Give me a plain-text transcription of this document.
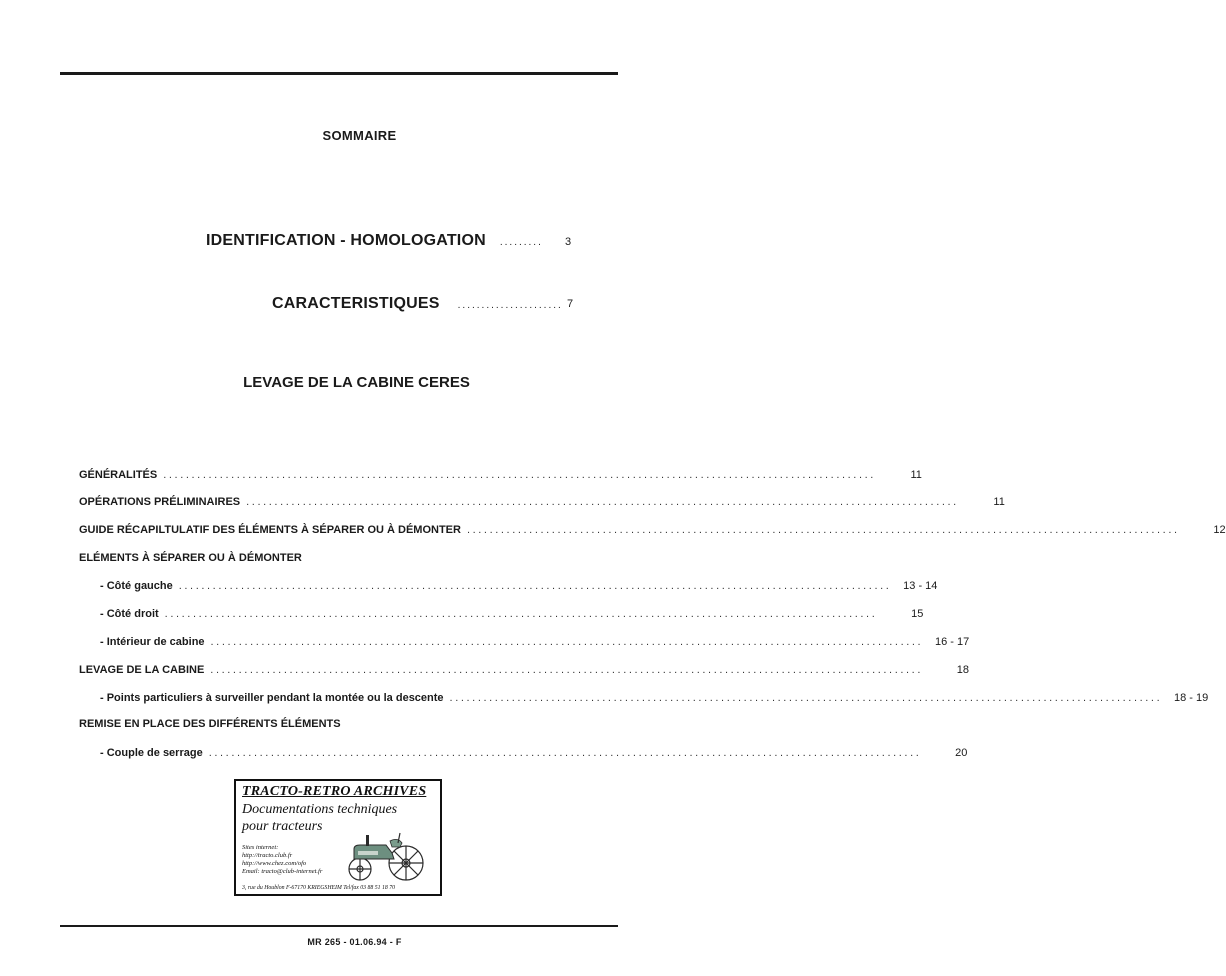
SOMMAIRE
IDENTIFICATION - HOMOLOGATION ......... 3
CARACTERISTIQUES ...................... 7
LEVAGE DE LA CABINE CERES
GÉNÉRALITÉS ..............................................................................................................................	11
OPÉRATIONS PRÉLIMINAIRES ..............................................................................................................................	11
GUIDE RÉCAPILTULATIF DES ÉLÉMENTS À SÉPARER OU À DÉMONTER ..............................................................................................................................	12
ELÉMENTS À SÉPARER OU À DÉMONTER
- Côté gauche ..............................................................................................................................	13 - 14
- Côté droit ..............................................................................................................................	15
- Intérieur de cabine ..............................................................................................................................	16 - 17
LEVAGE DE LA CABINE ..............................................................................................................................	18
- Points particuliers à surveiller pendant la montée ou la descente ..............................................................................................................................	18 - 19
REMISE EN PLACE DES DIFFÉRENTS ÉLÉMENTS
- Couple de serrage ..............................................................................................................................	20
TRACTO-RETRO ARCHIVES
Documentations techniques
pour tracteurs
Sites internet:
http://tracto.club.fr
http://www.chez.com/ofo
Email: tracto@club-internet.fr
3, rue du Houblon F-67170 KRIEGSHEIM Tel/fax 03 88 51 18 70
MR 265 - 01.06.94 - F
